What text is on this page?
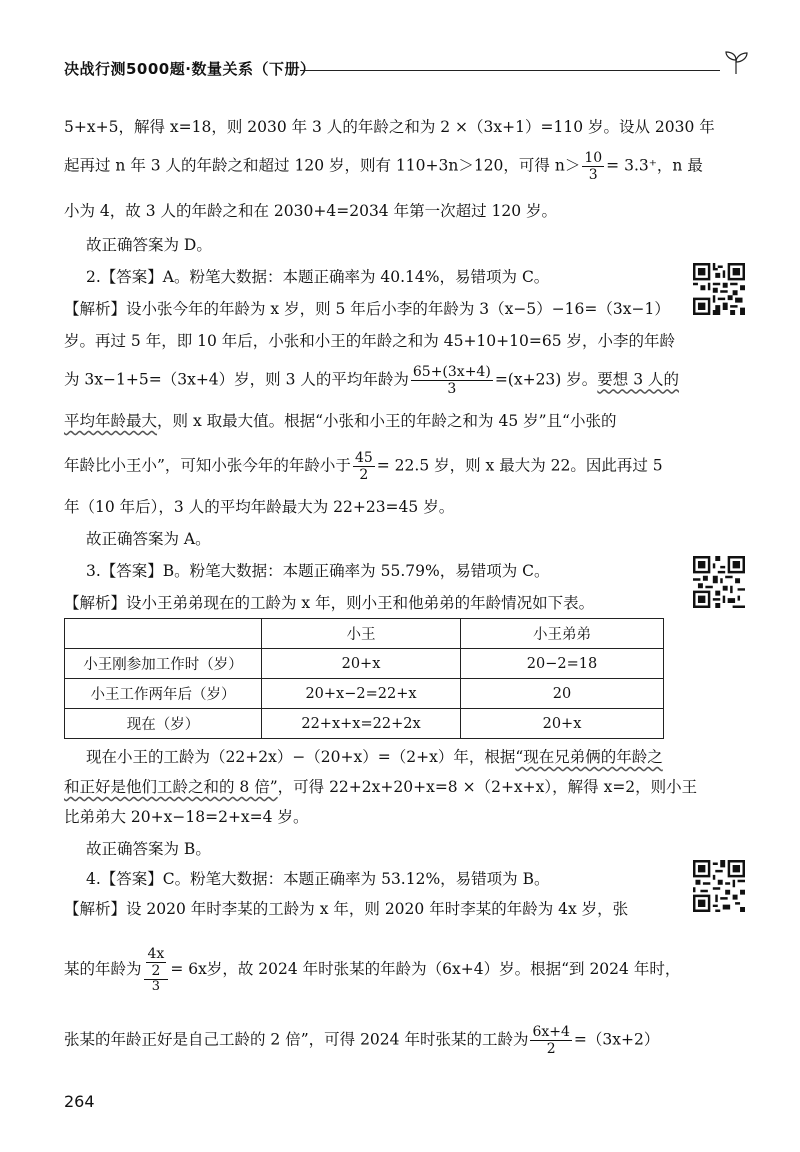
决战行测5000题·数量关系（下册）
5+x+5，解得 x=18，则 2030 年 3 人的年龄之和为 2 ×（3x+1）=110 岁。设从 2030 年
起再过 n 年 3 人的年龄之和超过 120 岁，则有 110+3n＞120，可得 $n> \frac{10}{3} = 3.3^+$，n 最
小为 4，故 3 人的年龄之和在 2030+4=2034 年第一次超过 120 岁。
故正确答案为 D。
2.【答案】A。粉笔大数据：本题正确率为 40.14%，易错项为 C。
【解析】设小张今年的年龄为 x 岁，则 5 年后小李的年龄为 3（x−5）−16=（3x−1）
岁。再过 5 年，即 10 年后，小张和小王的年龄之和为 45+10+10=65 岁，小李的年龄
为 3x−1+5=（3x+4）岁，则 3 人的平均年龄为 $\frac{65+(3x+4)}{3} =(x+23)$ 岁。要想 3 人的
平均年龄最大，则 x 取最大值。根据“小张和小王的年龄之和为 45 岁”且“小张的
年龄比小王小”，可知小张今年的年龄小于 $\frac{45}{2} = 22.5$ 岁，则 x 最大为 22。因此再过 5
年（10 年后），3 人的平均年龄最大为 22+23=45 岁。
故正确答案为 A。
3.【答案】B。粉笔大数据：本题正确率为 55.79%，易错项为 C。
【解析】设小王弟弟现在的工龄为 x 年，则小王和他弟弟的年龄情况如下表。
	小王	小王弟弟
小王刚参加工作时（岁）	20+x	20−2=18
小王工作两年后（岁）	20+x−2=22+x	20
现在（岁）	22+x+x=22+2x	20+x
现在小王的工龄为（22+2x）−（20+x）=（2+x）年，根据“现在兄弟俩的年龄之
和正好是他们工龄之和的 8 倍”，可得 22+2x+20+x=8 ×（2+x+x），解得 x=2，则小王
比弟弟大 20+x−18=2+x=4 岁。
故正确答案为 B。
4.【答案】C。粉笔大数据：本题正确率为 53.12%，易错项为 B。
【解析】设 2020 年时李某的工龄为 x 年，则 2020 年时李某的年龄为 4x 岁，张
某的年龄为 $\frac{\frac{4x}{2}}{3} = 6x$岁，故 2024 年时张某的年龄为（6x+4）岁。根据“到 2024 年时，
张某的年龄正好是自己工龄的 2 倍”，可得 2024 年时张某的工龄为 $\frac{6x+4}{2} =(3x+2)$
264
